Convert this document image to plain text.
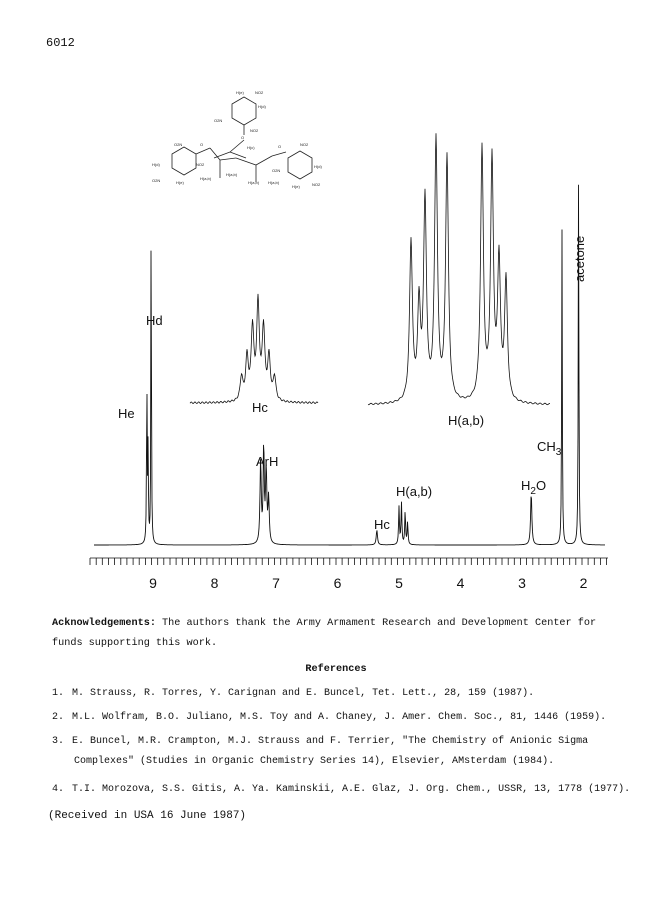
6012
H(e)	NO2
H(d)
O2N
NO2
O
H(c)
O2N	O
H(d)	NO2
O2N	H(e)
H(a,b)
H(a,b)
H(a,b)
O	NO2
O2N
H(d)
H(a,b)
H(e)	NO2
9	8	7	6	5	4	3	2
He
Hd
ArH
Hc
Hc
H(a,b)
H(a,b)
$H_2O$
$CH_3$
acetone
Acknowledgements: The authors thank the Army Armament Research and Development Center for
funds supporting this work.
References
1. M. Strauss, R. Torres, Y. Carignan and E. Buncel, Tet. Lett., 28, 159 (1987).
2. M.L. Wolfram, B.O. Juliano, M.S. Toy and A. Chaney, J. Amer. Chem. Soc., 81, 1446 (1959).
3. E. Buncel, M.R. Crampton, M.J. Strauss and F. Terrier, "The Chemistry of Anionic Sigma
Complexes" (Studies in Organic Chemistry Series 14), Elsevier, AMsterdam (1984).
4. T.I. Morozova, S.S. Gitis, A. Ya. Kaminskii, A.E. Glaz, J. Org. Chem., USSR, 13, 1778 (1977).
(Received in USA 16 June 1987)
